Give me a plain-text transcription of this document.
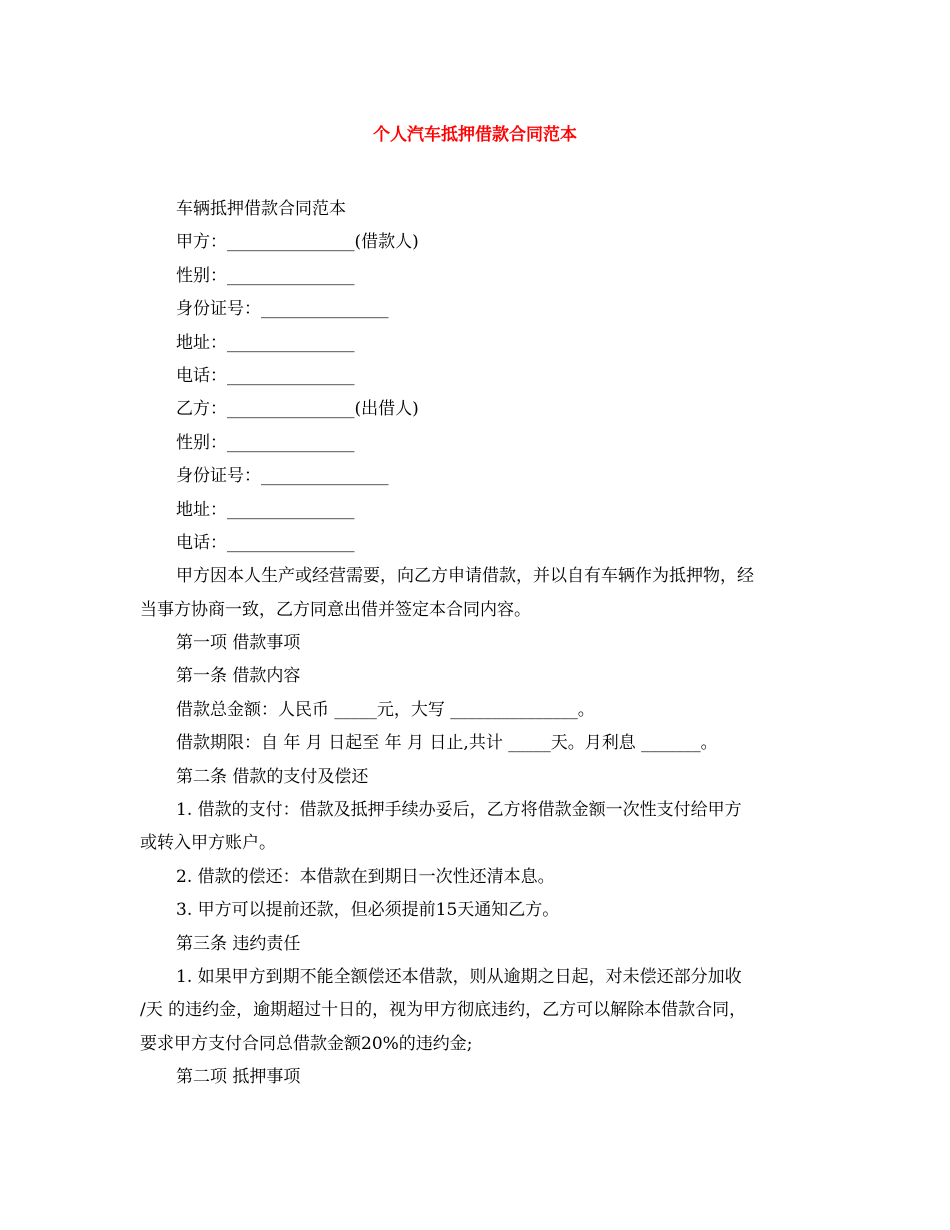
个人汽车抵押借款合同范本
车辆抵押借款合同范本
甲方：_______________(借款人)
性别：_______________
身份证号：_______________
地址：_______________
电话：_______________
乙方：_______________(出借人)
性别：_______________
身份证号：_______________
地址：_______________
电话：_______________
甲方因本人生产或经营需要，向乙方申请借款，并以自有车辆作为抵押物，经
当事方协商一致，乙方同意出借并签定本合同内容。
第一项 借款事项
第一条 借款内容
借款总金额：人民币 _____元，大写 _______________。
借款期限：自 年 月 日起至 年 月 日止,共计 _____天。月利息 _______。
第二条 借款的支付及偿还
1. 借款的支付：借款及抵押手续办妥后，乙方将借款金额一次性支付给甲方
或转入甲方账户。
2. 借款的偿还：本借款在到期日一次性还清本息。
3. 甲方可以提前还款，但必须提前15天通知乙方。
第三条 违约责任
1. 如果甲方到期不能全额偿还本借款，则从逾期之日起，对未偿还部分加收
/天 的违约金，逾期超过十日的，视为甲方彻底违约，乙方可以解除本借款合同，
要求甲方支付合同总借款金额20%的违约金;
第二项 抵押事项
